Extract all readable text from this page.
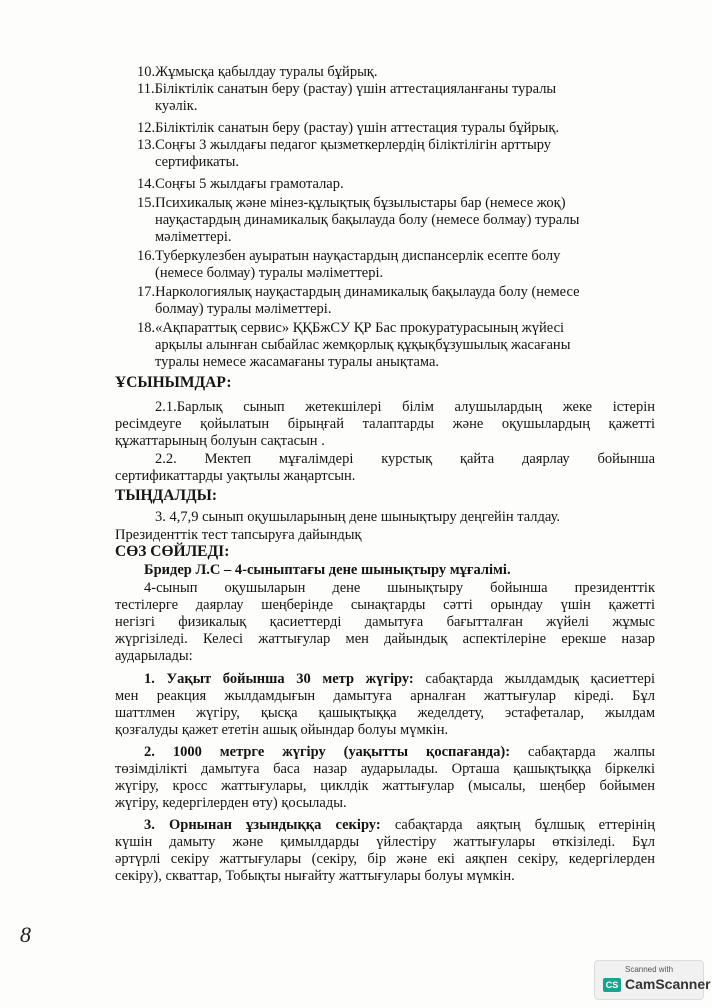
10.Жұмысқа қабылдау туралы бұйрық.

11.Біліктілік санатын беру (растау) үшін аттестацияланғаны туралы

куәлік.

12.Біліктілік санатын беру (растау) үшін аттестация туралы бұйрық.

13.Соңғы 3 жылдағы педагог қызметкерлердің біліктілігін арттыру

сертификаты.

14.Соңғы 5 жылдағы грамоталар.

15.Психикалық және мінез-құлықтық бұзылыстары бар (немесе жоқ)

науқастардың динамикалық бақылауда болу (немесе болмау) туралы

мәліметтері.

16.Туберкулезбен ауыратын науқастардың диспансерлік есепте болу

(немесе болмау) туралы мәліметтері.

17.Наркологиялық науқастардың динамикалық бақылауда болу (немесе

болмау) туралы мәліметтері.

18.«Ақпараттық сервис» ҚҚБжСУ ҚР Бас прокуратурасының жүйесі

арқылы алынған сыбайлас жемқорлық құқықбұзушылық жасағаны

туралы немесе жасамағаны туралы анықтама.

ҰСЫНЫМДАР:

2.1.Барлық сынып жетекшілері білім алушылардың жеке істерін

ресімдеуге қойылатын бірыңғай талаптарды және оқушылардың қажетті

құжаттарының болуын сақтасын .

2.2. Мектеп мұғалімдері курстық қайта даярлау бойынша

сертификаттарды уақтылы жаңартсын.

ТЫҢДАЛДЫ:

3. 4,7,9 сынып оқушыларының дене шынықтыру деңгейін талдау.

Президенттік тест тапсыруға дайындық

СӨЗ СӨЙЛЕДІ:

Бридер Л.С – 4-сыныптағы дене шынықтыру мұғалімі.

4-сынып оқушыларын дене шынықтыру бойынша президенттік

тестілерге даярлау шеңберінде сынақтарды сәтті орындау үшін қажетті

негізгі физикалық қасиеттерді дамытуға бағытталған жүйелі жұмыс

жүргізіледі. Келесі жаттығулар мен дайындық аспектілеріне ерекше назар

аударылады:

1. Уақыт бойынша 30 метр жүгіру: сабақтарда жылдамдық қасиеттері

мен реакция жылдамдығын дамытуға арналған жаттығулар кіреді. Бұл

шаттлмен жүгіру, қысқа қашықтыққа жеделдету, эстафеталар, жылдам

қозғалуды қажет ететін ашық ойындар болуы мүмкін.

2. 1000 метрге жүгіру (уақытты қоспағанда): сабақтарда жалпы

төзімділікті дамытуға баса назар аударылады. Орташа қашықтыққа біркелкі

жүгіру, кросс жаттығулары, циклдік жаттығулар (мысалы, шеңбер бойымен

жүгіру, кедергілерден өту) қосылады.

3. Орнынан ұзындыққа секіру: сабақтарда аяқтың бұлшық еттерінің

күшін дамыту және қимылдарды үйлестіру жаттығулары өткізіледі. Бұл

әртүрлі секіру жаттығулары (секіру, бір және екі аяқпен секіру, кедергілерден

секіру), скваттар, Тобықты нығайту жаттығулары болуы мүмкін.

8
Scanned with
CS CamScanner
